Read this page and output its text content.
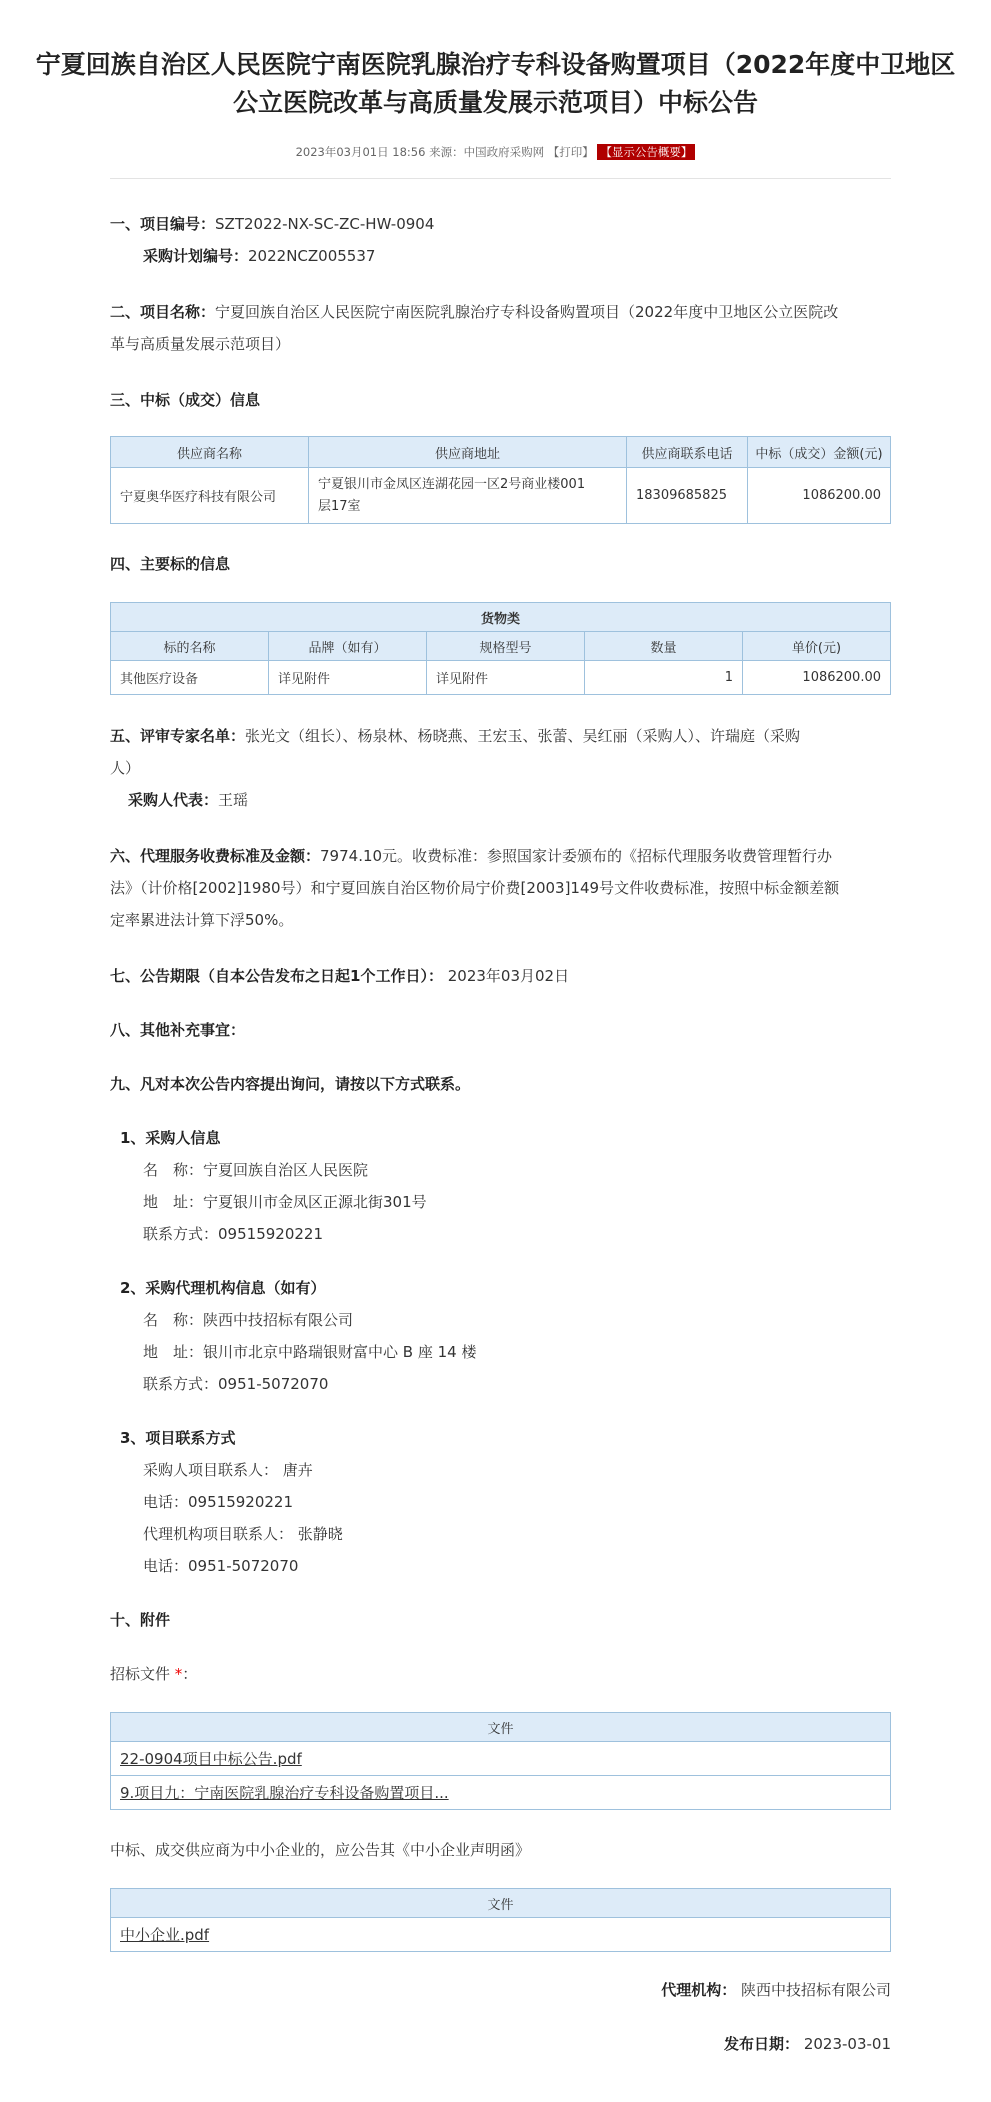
宁夏回族自治区人民医院宁南医院乳腺治疗专科设备购置项目（2022年度中卫地区
公立医院改革与高质量发展示范项目）中标公告
2023年03月01日 18:56 来源：中国政府采购网 【打印】 【显示公告概要】
一、项目编号：SZT2022-NX-SC-ZC-HW-0904
采购计划编号：2022NCZ005537
二、项目名称：宁夏回族自治区人民医院宁南医院乳腺治疗专科设备购置项目（2022年度中卫地区公立医院改
革与高质量发展示范项目）
三、中标（成交）信息
供应商名称	供应商地址	供应商联系电话	中标（成交）金额(元)
宁夏奥华医疗科技有限公司	宁夏银川市金凤区连湖花园一区2号商业楼001
层17室	18309685825	1086200.00
四、主要标的信息
货物类				
标的名称	品牌（如有）	规格型号	数量	单价(元)
其他医疗设备	详见附件	详见附件	1	1086200.00
五、评审专家名单：张光文（组长）、杨泉林、杨晓燕、王宏玉、张蕾、吴红丽（采购人）、许瑞庭（采购
人）
采购人代表：王瑶
六、代理服务收费标准及金额：7974.10元。收费标准：参照国家计委颁布的《招标代理服务收费管理暂行办
法》（计价格[2002]1980号）和宁夏回族自治区物价局宁价费[2003]149号文件收费标准，按照中标金额差额
定率累进法计算下浮50%。
七、公告期限（自本公告发布之日起1个工作日）： 2023年03月02日
八、其他补充事宜：
九、凡对本次公告内容提出询问，请按以下方式联系。
1、采购人信息
名　称：宁夏回族自治区人民医院
地　址：宁夏银川市金凤区正源北街301号
联系方式：09515920221
2、采购代理机构信息（如有）
名　称：陕西中技招标有限公司
地　址：银川市北京中路瑞银财富中心 B 座 14 楼
联系方式：0951-5072070
3、项目联系方式
采购人项目联系人： 唐卉
电话：09515920221
代理机构项目联系人： 张静晓
电话：0951-5072070
十、附件
招标文件 *：
文件
22-0904项目中标公告.pdf
9.项目九：宁南医院乳腺治疗专科设备购置项目...
中标、成交供应商为中小企业的，应公告其《中小企业声明函》
文件
中小企业.pdf
代理机构： 陕西中技招标有限公司
发布日期： 2023-03-01
